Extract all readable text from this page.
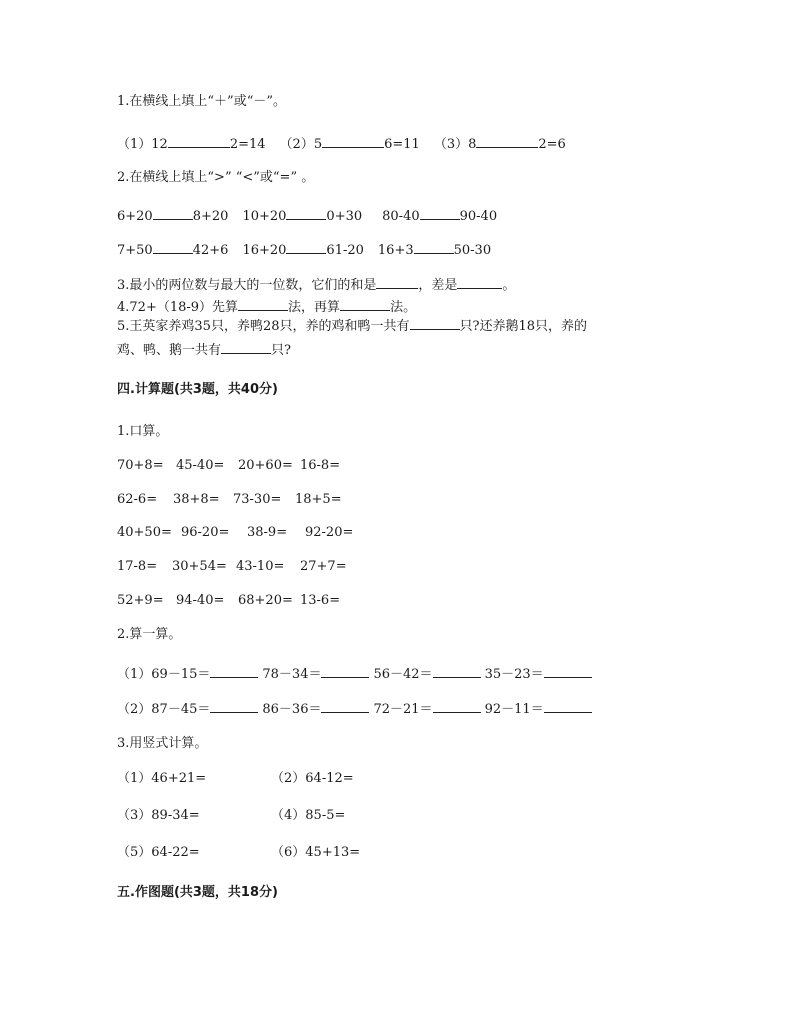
1.在横线上填上“＋”或“－”。
（1）12	2=14 （2）5	6=11 （3）8	2=6
2.在横线上填上“>” “<”或“=” 。
6+20	8+20 10+20	0+30 80-40	90-40
7+50	42+6 16+20	61-20 16+3	50-30
3.最小的两位数与最大的一位数，它们的和是	，差是	。
4.72+（18-9）先算	法，再算	法。
5.王英家养鸡35只，养鸭28只，养的鸡和鸭一共有	只?还养鹅18只，养的
鸡、鸭、鹅一共有	只?
四.计算题(共3题，共40分)
1.口算。
70+8= 45-40= 20+60= 16-8=
62-6= 38+8= 73-30= 18+5=
40+50= 96-20= 38-9= 92-20=
17-8= 30+54= 43-10= 27+7=
52+9= 94-40= 68+20= 13-6=
2.算一算。
（1）69－15＝	78－34＝	56－42＝	35－23＝
（2）87－45＝	86－36＝	72－21＝	92－11＝
3.用竖式计算。
（1）46+21=	（2）64-12=
（3）89-34=	（4）85-5=
（5）64-22=	（6）45+13=
五.作图题(共3题，共18分)
